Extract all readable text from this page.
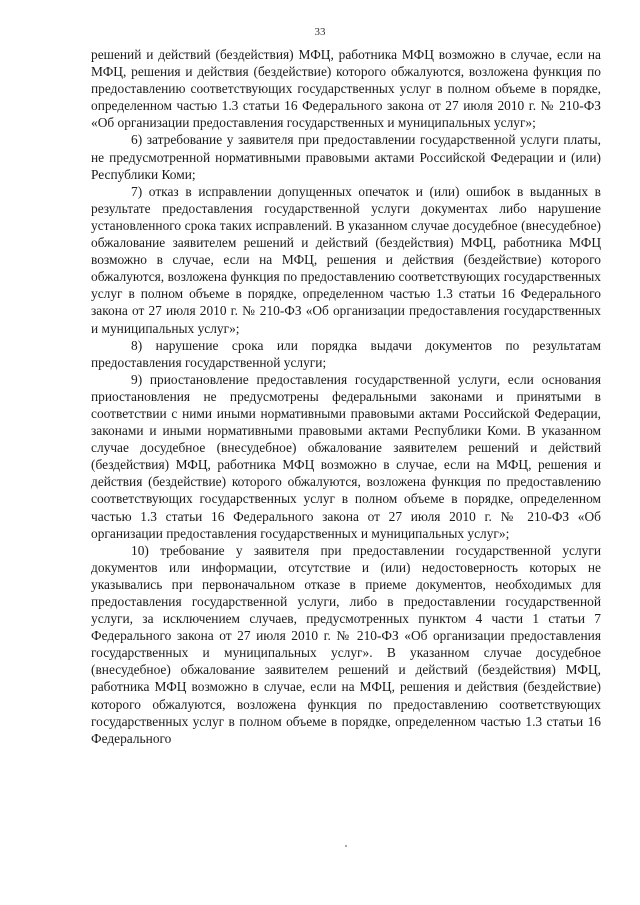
33

решений и действий (бездействия) МФЦ, работника МФЦ возможно в случае, если на МФЦ, решения и действия (бездействие) которого обжалуются, возложена функция по предоставлению соответствующих государственных услуг в полном объеме в порядке, определенном частью 1.3 статьи 16 Федерального закона от 27 июля 2010 г. № 210-ФЗ «Об организации предоставления государственных и муниципальных услуг»;

6) затребование у заявителя при предоставлении государственной услуги платы, не предусмотренной нормативными правовыми актами Российской Федерации и (или) Республики Коми;

7) отказ в исправлении допущенных опечаток и (или) ошибок в выданных в результате предоставления государственной услуги документах либо нарушение установленного срока таких исправлений. В указанном случае досудебное (внесудебное) обжалование заявителем решений и действий (бездействия) МФЦ, работника МФЦ возможно в случае, если на МФЦ, решения и действия (бездействие) которого обжалуются, возложена функция по предоставлению соответствующих государственных услуг в полном объеме в порядке, определенном частью 1.3 статьи 16 Федерального закона от 27 июля 2010 г. № 210-ФЗ «Об организации предоставления государственных и муниципальных услуг»;

8) нарушение срока или порядка выдачи документов по результатам предоставления государственной услуги;

9) приостановление предоставления государственной услуги, если основания приостановления не предусмотрены федеральными законами и принятыми в соответствии с ними иными нормативными правовыми актами Российской Федерации, законами и иными нормативными правовыми актами Республики Коми. В указанном случае досудебное (внесудебное) обжалование заявителем решений и действий (бездействия) МФЦ, работника МФЦ возможно в случае, если на МФЦ, решения и действия (бездействие) которого обжалуются, возложена функция по предоставлению соответствующих государственных услуг в полном объеме в порядке, определенном частью 1.3 статьи 16 Федерального закона от 27 июля 2010 г. № 210-ФЗ «Об организации предоставления государственных и муниципальных услуг»;

10) требование у заявителя при предоставлении государственной услуги документов или информации, отсутствие и (или) недостоверность которых не указывались при первоначальном отказе в приеме документов, необходимых для предоставления государственной услуги, либо в предоставлении государственной услуги, за исключением случаев, предусмотренных пунктом 4 части 1 статьи 7 Федерального закона от 27 июля 2010 г. № 210-ФЗ «Об организации предоставления государственных и муниципальных услуг». В указанном случае досудебное (внесудебное) обжалование заявителем решений и действий (бездействия) МФЦ, работника МФЦ возможно в случае, если на МФЦ, решения и действия (бездействие) которого обжалуются, возложена функция по предоставлению соответствующих государственных услуг в полном объеме в порядке, определенном частью 1.3 статьи 16 Федерального
